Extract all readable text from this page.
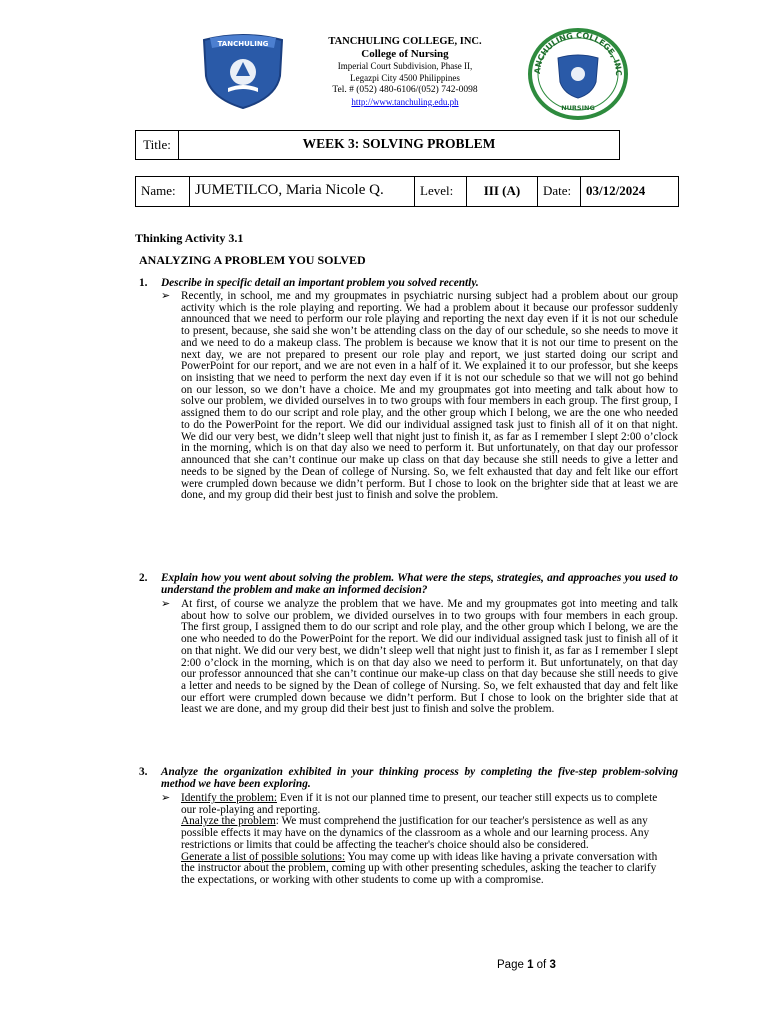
TANCHULING	TANCHULING COLLEGE, INC.
College of Nursing
Imperial Court Subdivision, Phase II,
Legazpi City 4500 Philippines
Tel. # (052) 480-6106/(052) 742-0098
http://www.tanchuling.edu.ph
ANCHULING COLLEGE, INC
NURSING
Title:	WEEK 3: SOLVING PROBLEM
Name:	JUMETILCO, Maria Nicole Q.	Level:	III (A)	Date:	03/12/2024
Thinking Activity 3.1
ANALYZING A PROBLEM YOU SOLVED
1. Describe in specific detail an important problem you solved recently.
➢ Recently, in school, me and my groupmates in psychiatric nursing subject had a problem about our group activity which is the role playing and reporting. We had a problem about it because our professor suddenly announced that we need to perform our role playing and reporting the next day even if it is not our schedule to present, because, she said she won’t be attending class on the day of our schedule, so she needs to move it and we need to do a makeup class. The problem is because we know that it is not our time to present on the next day, we are not prepared to present our role play and report, we just started doing our script and PowerPoint for our report, and we are not even in a half of it. We explained it to our professor, but she keeps on insisting that we need to perform the next day even if it is not our schedule so that we will not go behind on our lesson, so we don’t have a choice. Me and my groupmates got into meeting and talk about how to solve our problem, we divided ourselves in to two groups with four members in each group. The first group, I assigned them to do our script and role play, and the other group which I belong, we are the one who needed to do the PowerPoint for the report. We did our individual assigned task just to finish all of it on that night. We did our very best, we didn’t sleep well that night just to finish it, as far as I remember I slept 2:00 o’clock in the morning, which is on that day also we need to perform it. But unfortunately, on that day our professor announced that she can’t continue our make up class on that day because she still needs to give a letter and needs to be signed by the Dean of college of Nursing. So, we felt exhausted that day and felt like our effort were crumpled down because we didn’t perform. But I chose to look on the brighter side that at least we are done, and my group did their best just to finish and solve the problem.
2. Explain how you went about solving the problem. What were the steps, strategies, and approaches you used to understand the problem and make an informed decision?
➢ At first, of course we analyze the problem that we have. Me and my groupmates got into meeting and talk about how to solve our problem, we divided ourselves in to two groups with four members in each group. The first group, I assigned them to do our script and role play, and the other group which I belong, we are the one who needed to do the PowerPoint for the report. We did our individual assigned task just to finish all of it on that night. We did our very best, we didn’t sleep well that night just to finish it, as far as I remember I slept 2:00 o’clock in the morning, which is on that day also we need to perform it. But unfortunately, on that day our professor announced that she can’t continue our make-up class on that day because she still needs to give a letter and needs to be signed by the Dean of college of Nursing. So, we felt exhausted that day and felt like our effort were crumpled down because we didn’t perform. But I chose to look on the brighter side that at least we are done, and my group did their best just to finish and solve the problem.
3. Analyze the organization exhibited in your thinking process by completing the five-step problem-solving method we have been exploring.
➢ Identify the problem: Even if it is not our planned time to present, our teacher still expects us to complete our role-playing and reporting.
Analyze the problem: We must comprehend the justification for our teacher's persistence as well as any possible effects it may have on the dynamics of the classroom as a whole and our learning process. Any restrictions or limits that could be affecting the teacher's choice should also be considered.
Generate a list of possible solutions: You may come up with ideas like having a private conversation with the instructor about the problem, coming up with other presenting schedules, asking the teacher to clarify the expectations, or working with other students to come up with a compromise.
Page 1 of 3
